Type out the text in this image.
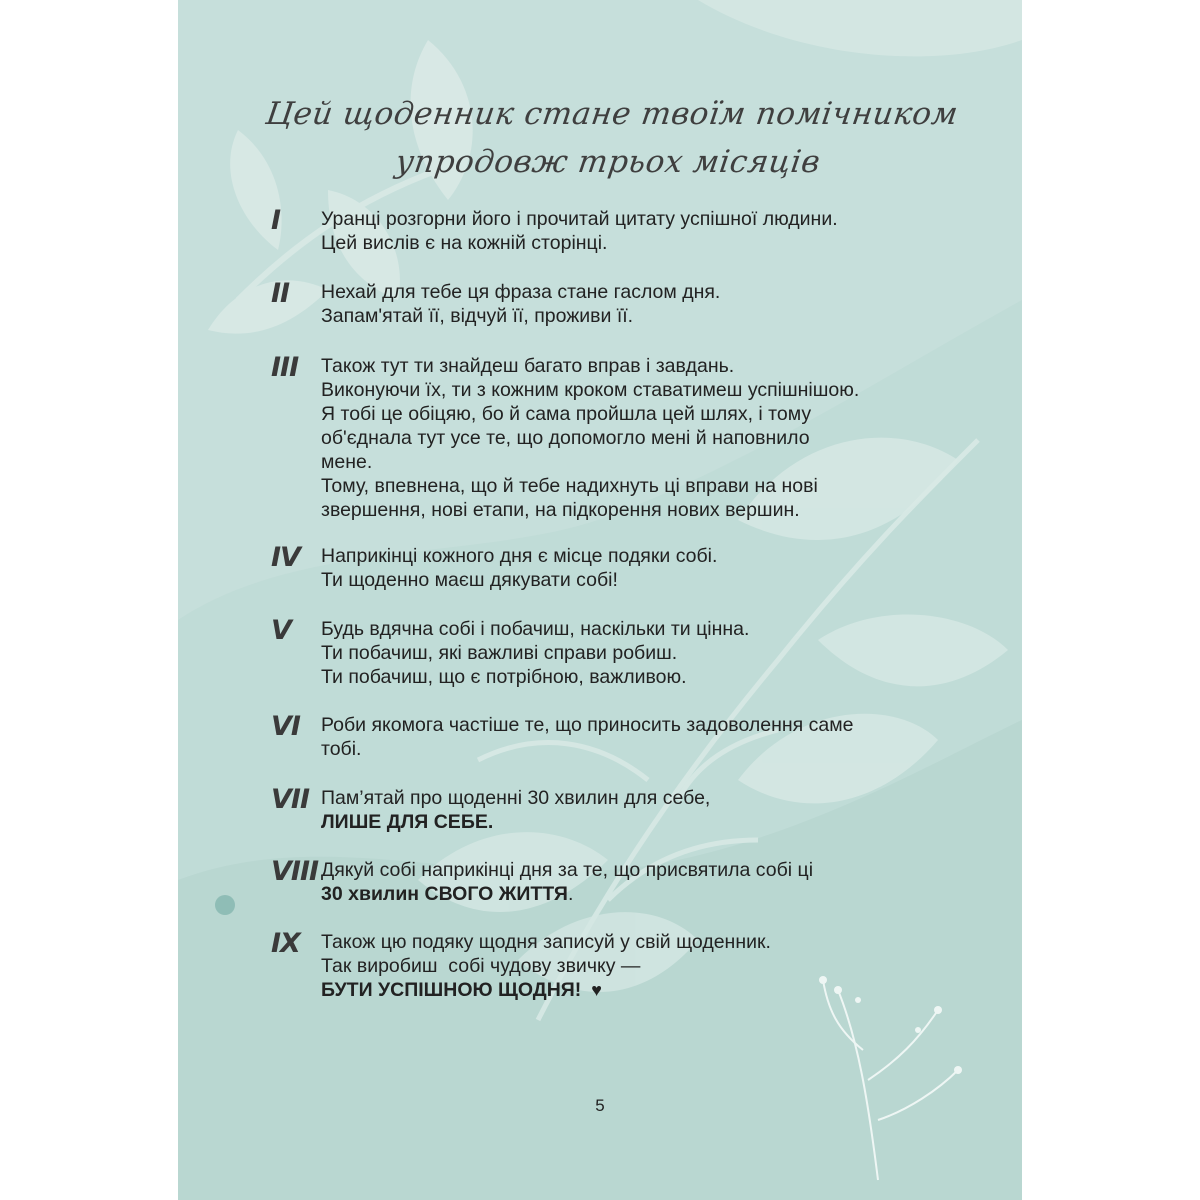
Цей щоденник стане твоїм помічником
упродовж трьох місяців
I Уранці розгорни його і прочитай цитату успішної людини.
Цей вислів є на кожній сторінці.
II Нехай для тебе ця фраза стане гаслом дня.
Запам'ятай її, відчуй її, проживи її.
III Також тут ти знайдеш багато вправ і завдань.
Виконуючи їх, ти з кожним кроком ставатимеш успішнішою.
Я тобі це обіцяю, бо й сама пройшла цей шлях, і тому
об'єднала тут усе те, що допомогло мені й наповнило
мене.
Тому, впевнена, що й тебе надихнуть ці вправи на нові
звершення, нові етапи, на підкорення нових вершин.
IV Наприкінці кожного дня є місце подяки собі.
Ти щоденно маєш дякувати собі!
V Будь вдячна собі і побачиш, наскільки ти цінна.
Ти побачиш, які важливі справи робиш.
Ти побачиш, що є потрібною, важливою.
VI Роби якомога частіше те, що приносить задоволення саме
тобі.
VII Пам’ятай про щоденні 30 хвилин для себе,
ЛИШЕ ДЛЯ СЕБЕ.
VIII Дякуй собі наприкінці дня за те, що присвятила собі ці
30 хвилин СВОГО ЖИТТЯ.
IX Також цю подяку щодня записуй у свій щоденник.
Так виробиш  собі чудову звичку —
БУТИ УСПІШНОЮ ЩОДНЯ! ♥
5
